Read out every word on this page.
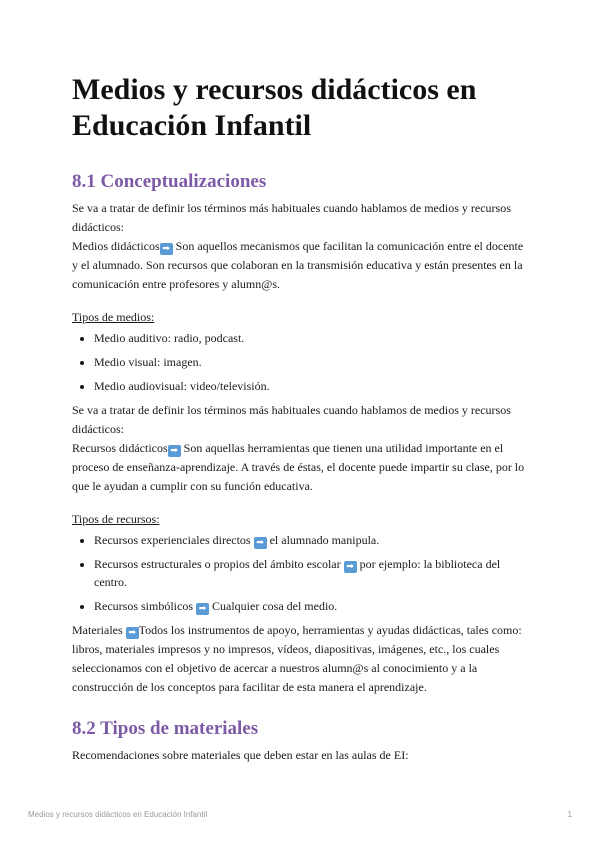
Medios y recursos didácticos en Educación Infantil
8.1 Conceptualizaciones

Se va a tratar de definir los términos más habituales cuando hablamos de medios y recursos didácticos:
Medios didácticos ➡ Son aquellos mecanismos que facilitan la comunicación entre el docente y el alumnado. Son recursos que colaboran en la transmisión educativa y están presentes en la comunicación entre profesores y alumn@s.

Tipos de medios:

• Medio auditivo: radio, podcast.
• Medio visual: imagen.
• Medio audiovisual: video/televisión.

Se va a tratar de definir los términos más habituales cuando hablamos de medios y recursos didácticos:
Recursos didácticos ➡ Son aquellas herramientas que tienen una utilidad importante en el proceso de enseñanza-aprendizaje. A través de éstas, el docente puede impartir su clase, por lo que le ayudan a cumplir con su función educativa.

Tipos de recursos:

• Recursos experienciales directos ➡ el alumnado manipula.
• Recursos estructurales o propios del ámbito escolar ➡ por ejemplo: la biblioteca del centro.
• Recursos simbólicos ➡ Cualquier cosa del medio.

Materiales ➡ Todos los instrumentos de apoyo, herramientas y ayudas didácticas, tales como: libros, materiales impresos y no impresos, vídeos, diapositivas, imágenes, etc., los cuales seleccionamos con el objetivo de acercar a nuestros alumn@s al conocimiento y a la construcción de los conceptos para facilitar de esta manera el aprendizaje.

8.2 Tipos de materiales

Recomendaciones sobre materiales que deben estar en las aulas de EI:

Medios y recursos didácticos en Educación Infantil	1
